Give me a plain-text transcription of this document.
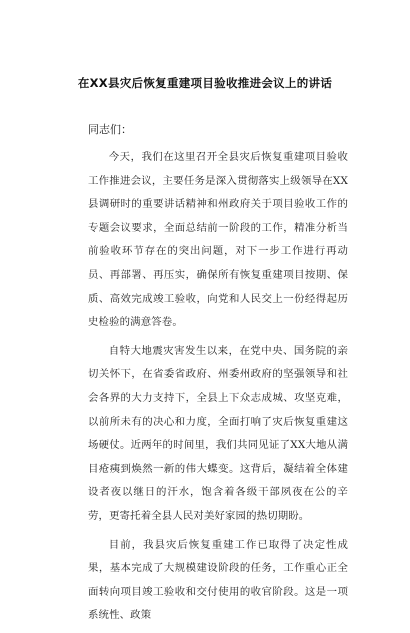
在XX县灾后恢复重建项目验收推进会议上的讲话

同志们：

今天，我们在这里召开全县灾后恢复重建项目验收工作推进会议，主要任务是深入贯彻落实上级领导在XX县调研时的重要讲话精神和州政府关于项目验收工作的专题会议要求，全面总结前一阶段的工作，精准分析当前验收环节存在的突出问题，对下一步工作进行再动员、再部署、再压实，确保所有恢复重建项目按期、保质、高效完成竣工验收，向党和人民交上一份经得起历史检验的满意答卷。

自特大地震灾害发生以来，在党中央、国务院的亲切关怀下，在省委省政府、州委州政府的坚强领导和社会各界的大力支持下，全县上下众志成城、攻坚克难，以前所未有的决心和力度，全面打响了灾后恢复重建这场硬仗。近两年的时间里，我们共同见证了XX大地从满目疮痍到焕然一新的伟大蝶变。这背后，凝结着全体建设者夜以继日的汗水，饱含着各级干部夙夜在公的辛劳，更寄托着全县人民对美好家园的热切期盼。

目前，我县灾后恢复重建工作已取得了决定性成果，基本完成了大规模建设阶段的任务，工作重心正全面转向项目竣工验收和交付使用的收官阶段。这是一项系统性、政策
